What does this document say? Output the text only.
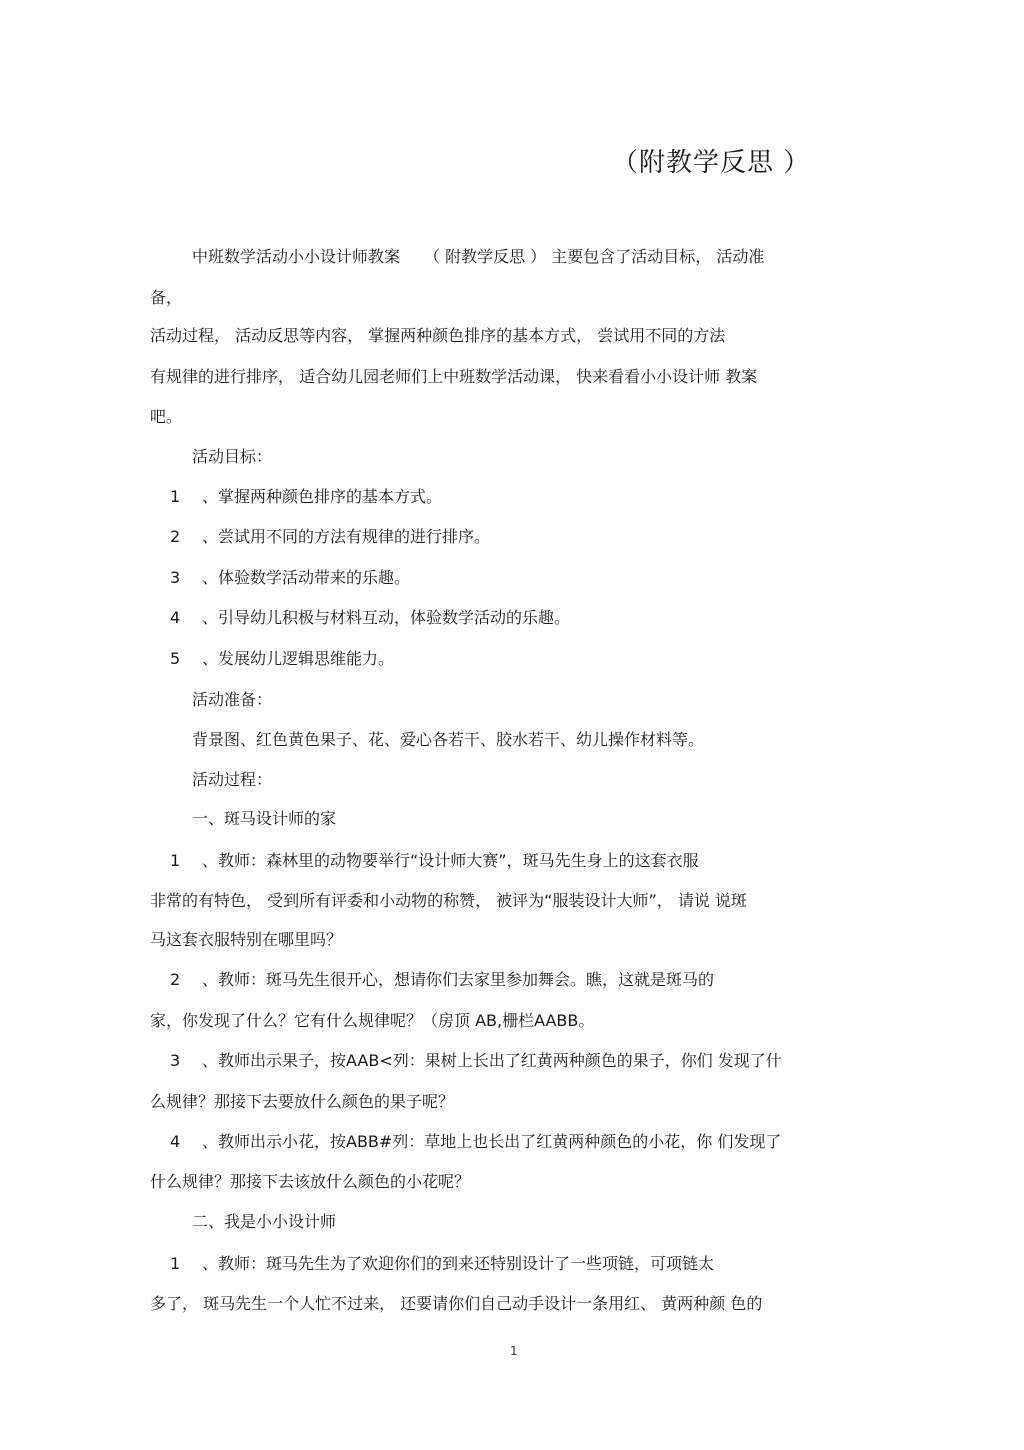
（附教学反思 ）
中班数学活动小小设计师教案　　（ 附教学反思 ） 主要包含了活动目标， 活动准
备，
活动过程， 活动反思等内容， 掌握两种颜色排序的基本方式， 尝试用不同的方法
有规律的进行排序， 适合幼儿园老师们上中班数学活动课， 快来看看小小设计师 教案
吧。
活动目标：
1 、掌握两种颜色排序的基本方式。
2 、尝试用不同的方法有规律的进行排序。
3 、体验数学活动带来的乐趣。
4 、引导幼儿积极与材料互动，体验数学活动的乐趣。
5 、发展幼儿逻辑思维能力。
活动准备：
背景图、红色黄色果子、花、爱心各若干、胶水若干、幼儿操作材料等。
活动过程：
一、斑马设计师的家
1 、教师：森林里的动物要举行“设计师大赛”，斑马先生身上的这套衣服
非常的有特色， 受到所有评委和小动物的称赞， 被评为“服装设计大师”， 请说 说斑
马这套衣服特别在哪里吗？
2 、教师：斑马先生很开心，想请你们去家里参加舞会。瞧，这就是斑马的
家，你发现了什么？它有什么规律呢？（房顶 AB,栅栏AABB。
3 、教师出示果子，按AAB<列：果树上长出了红黄两种颜色的果子，你们 发现了什
么规律？那接下去要放什么颜色的果子呢？
4 、教师出示小花，按ABB#列：草地上也长出了红黄两种颜色的小花，你 们发现了
什么规律？那接下去该放什么颜色的小花呢？
二、我是小小设计师
1 、教师：斑马先生为了欢迎你们的到来还特别设计了一些项链，可项链太
多了， 斑马先生一个人忙不过来， 还要请你们自己动手设计一条用红、 黄两种颜 色的
1
